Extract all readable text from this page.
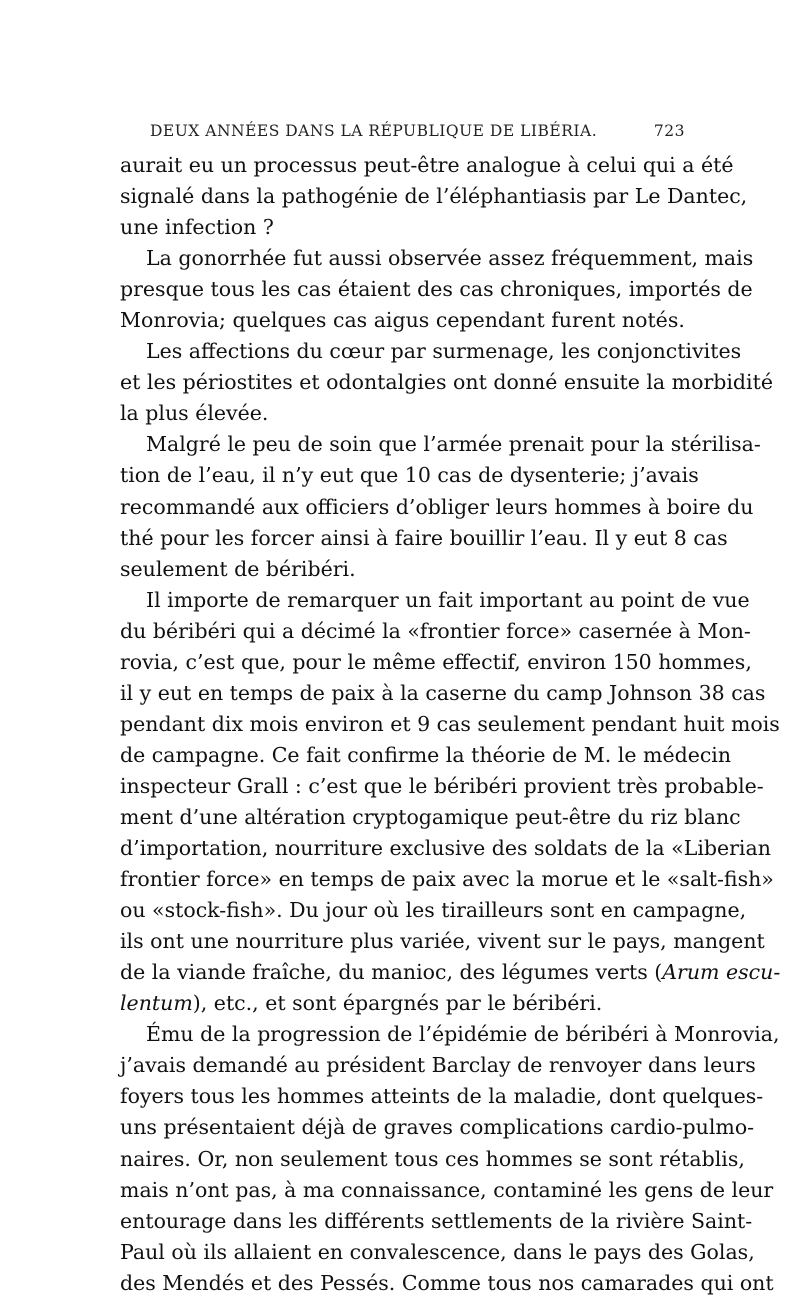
DEUX ANNÉES DANS LA RÉPUBLIQUE DE LIBÉRIA.	723
aurait eu un processus peut-être analogue à celui qui a été
signalé dans la pathogénie de l’éléphantiasis par Le Dantec,
une infection ?
La gonorrhée fut aussi observée assez fréquemment, mais
presque tous les cas étaient des cas chroniques, importés de
Monrovia; quelques cas aigus cependant furent notés.
Les affections du cœur par surmenage, les conjonctivites
et les périostites et odontalgies ont donné ensuite la morbidité
la plus élevée.
Malgré le peu de soin que l’armée prenait pour la stérilisa-
tion de l’eau, il n’y eut que 10 cas de dysenterie; j’avais
recommandé aux officiers d’obliger leurs hommes à boire du
thé pour les forcer ainsi à faire bouillir l’eau. Il y eut 8 cas
seulement de béribéri.
Il importe de remarquer un fait important au point de vue
du béribéri qui a décimé la «frontier force» casernée à Mon-
rovia, c’est que, pour le même effectif, environ 150 hommes,
il y eut en temps de paix à la caserne du camp Johnson 38 cas
pendant dix mois environ et 9 cas seulement pendant huit mois
de campagne. Ce fait confirme la théorie de M. le médecin
inspecteur Grall : c’est que le béribéri provient très probable-
ment d’une altération cryptogamique peut-être du riz blanc
d’importation, nourriture exclusive des soldats de la «Liberian
frontier force» en temps de paix avec la morue et le «salt-fish»
ou «stock-fish». Du jour où les tirailleurs sont en campagne,
ils ont une nourriture plus variée, vivent sur le pays, mangent
de la viande fraîche, du manioc, des légumes verts (Arum escu-
lentum), etc., et sont épargnés par le béribéri.
Ému de la progression de l’épidémie de béribéri à Monrovia,
j’avais demandé au président Barclay de renvoyer dans leurs
foyers tous les hommes atteints de la maladie, dont quelques-
uns présentaient déjà de graves complications cardio-pulmo-
naires. Or, non seulement tous ces hommes se sont rétablis,
mais n’ont pas, à ma connaissance, contaminé les gens de leur
entourage dans les différents settlements de la rivière Saint-
Paul où ils allaient en convalescence, dans le pays des Golas,
des Mendés et des Pessés. Comme tous nos camarades qui ont
